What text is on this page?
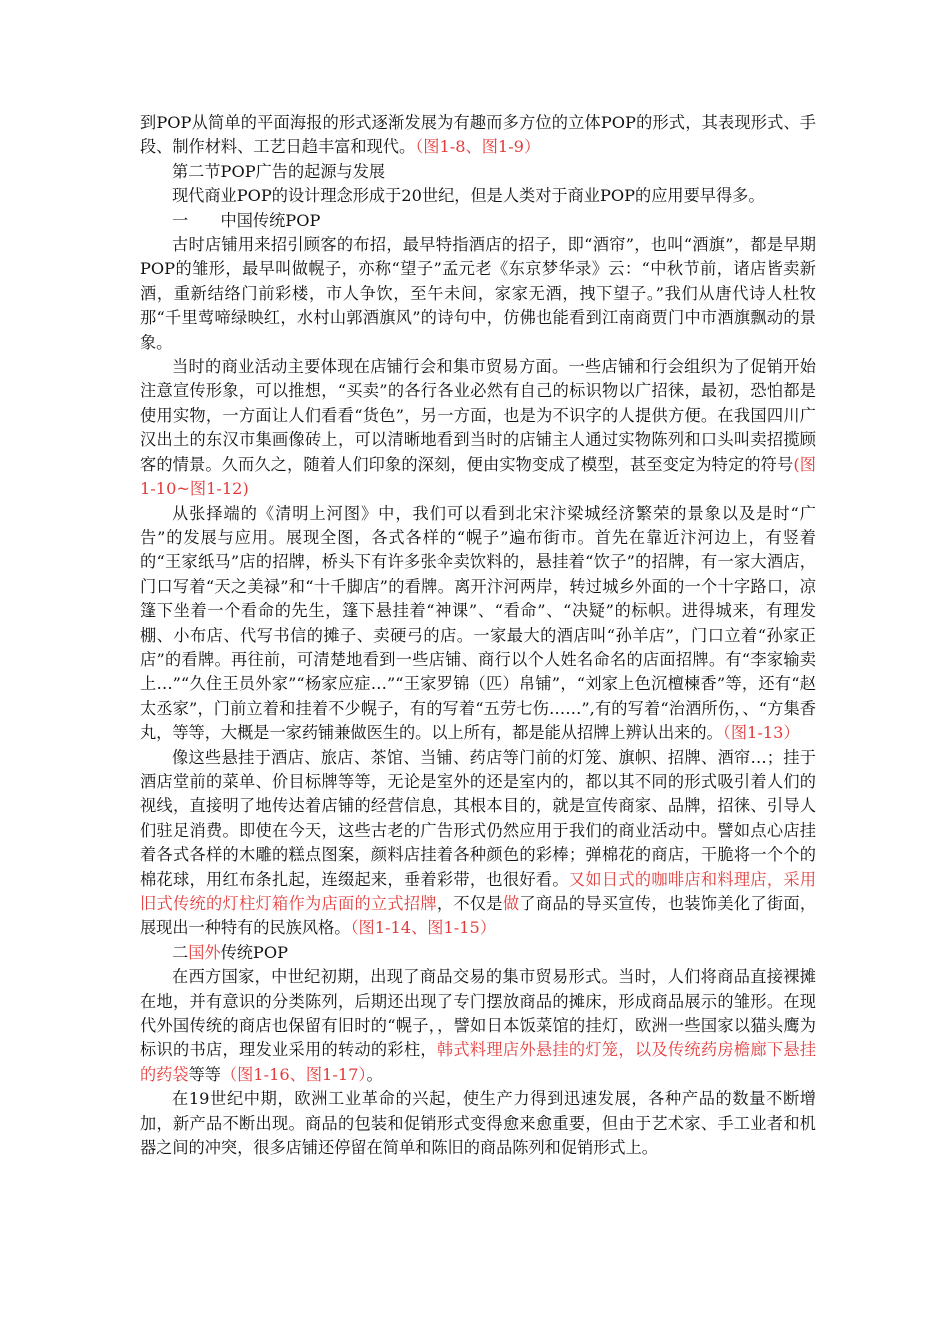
到POP从简单的平面海报的形式逐渐发展为有趣而多方位的立体POP的形式，其表现形式、手段、制作材料、工艺日趋丰富和现代。（图1-8、图1-9）

第二节POP广告的起源与发展

现代商业POP的设计理念形成于20世纪，但是人类对于商业POP的应用要早得多。

一　　中国传统POP

古时店铺用来招引顾客的布招，最早特指酒店的招子，即“酒帘”，也叫“酒旗”，都是早期POP的雏形，最早叫做幌子，亦称“望子”孟元老《东京梦华录》云：“中秋节前，诸店皆卖新酒，重新结络门前彩楼，市人争饮，至午未间，家家无酒，拽下望子。”我们从唐代诗人杜牧那“千里莺啼绿映红，水村山郭酒旗风”的诗句中，仿佛也能看到江南商贾门中市酒旗飘动的景象。

当时的商业活动主要体现在店铺行会和集市贸易方面。一些店铺和行会组织为了促销开始注意宣传形象，可以推想，“买卖”的各行各业必然有自己的标识物以广招徕，最初，恐怕都是使用实物，一方面让人们看看“货色”，另一方面，也是为不识字的人提供方便。在我国四川广汉出土的东汉市集画像砖上，可以清晰地看到当时的店铺主人通过实物陈列和口头叫卖招揽顾客的情景。久而久之，随着人们印象的深刻，便由实物变成了模型，甚至变定为特定的符号(图1-10~图1-12)

从张择端的《清明上河图》中，我们可以看到北宋汴梁城经济繁荣的景象以及是时“广告”的发展与应用。展现全图，各式各样的“幌子”遍布街市。首先在靠近汴河边上，有竖着的“王家纸马”店的招牌，桥头下有许多张伞卖饮料的，悬挂着“饮子”的招牌，有一家大酒店，门口写着“天之美禄”和“十千脚店”的看牌。离开汴河两岸，转过城乡外面的一个十字路口，凉篷下坐着一个看命的先生，篷下悬挂着“神课”、“看命”、“决疑”的标帜。进得城来，有理发棚、小布店、代写书信的摊子、卖硬弓的店。一家最大的酒店叫“孙羊店”，门口立着“孙家正店”的看牌。再往前，可清楚地看到一些店铺、商行以个人姓名命名的店面招牌。有“李家输卖上…”“久住王员外家”“杨家应症…”“王家罗锦（匹）帛铺”，“刘家上色沉檀楝香”等，还有“赵太丞家”，门前立着和挂着不少幌子，有的写着“五劳七伤……”,有的写着“治酒所伤，、“方集香丸，等等，大概是一家药铺兼做医生的。以上所有，都是能从招牌上辨认出来的。（图1-13）

像这些悬挂于酒店、旅店、茶馆、当铺、药店等门前的灯笼、旗帜、招牌、酒帘…；挂于酒店堂前的菜单、价目标牌等等，无论是室外的还是室内的，都以其不同的形式吸引着人们的视线，直接明了地传达着店铺的经营信息，其根本目的，就是宣传商家、品牌，招徕、引导人们驻足消费。即使在今天，这些古老的广告形式仍然应用于我们的商业活动中。譬如点心店挂着各式各样的木雕的糕点图案，颜料店挂着各种颜色的彩棒；弹棉花的商店，干脆将一个个的棉花球，用红布条扎起，连缀起来，垂着彩带，也很好看。又如日式的咖啡店和料理店，采用旧式传统的灯柱灯箱作为店面的立式招牌，不仅是做了商品的导买宣传，也装饰美化了街面，展现出一种特有的民族风格。（图1-14、图1-15）

二国外传统POP

在西方国家，中世纪初期，出现了商品交易的集市贸易形式。当时，人们将商品直接裸摊在地，并有意识的分类陈列，后期还出现了专门摆放商品的摊床，形成商品展示的雏形。在现代外国传统的商店也保留有旧时的“幌子，，譬如日本饭菜馆的挂灯，欧洲一些国家以猫头鹰为标识的书店，理发业采用的转动的彩柱，韩式料理店外悬挂的灯笼，以及传统药房檐廊下悬挂的药袋等等（图1-16、图1-17）。

在19世纪中期，欧洲工业革命的兴起，使生产力得到迅速发展，各种产品的数量不断增加，新产品不断出现。商品的包装和促销形式变得愈来愈重要，但由于艺术家、手工业者和机器之间的冲突，很多店铺还停留在简单和陈旧的商品陈列和促销形式上。
